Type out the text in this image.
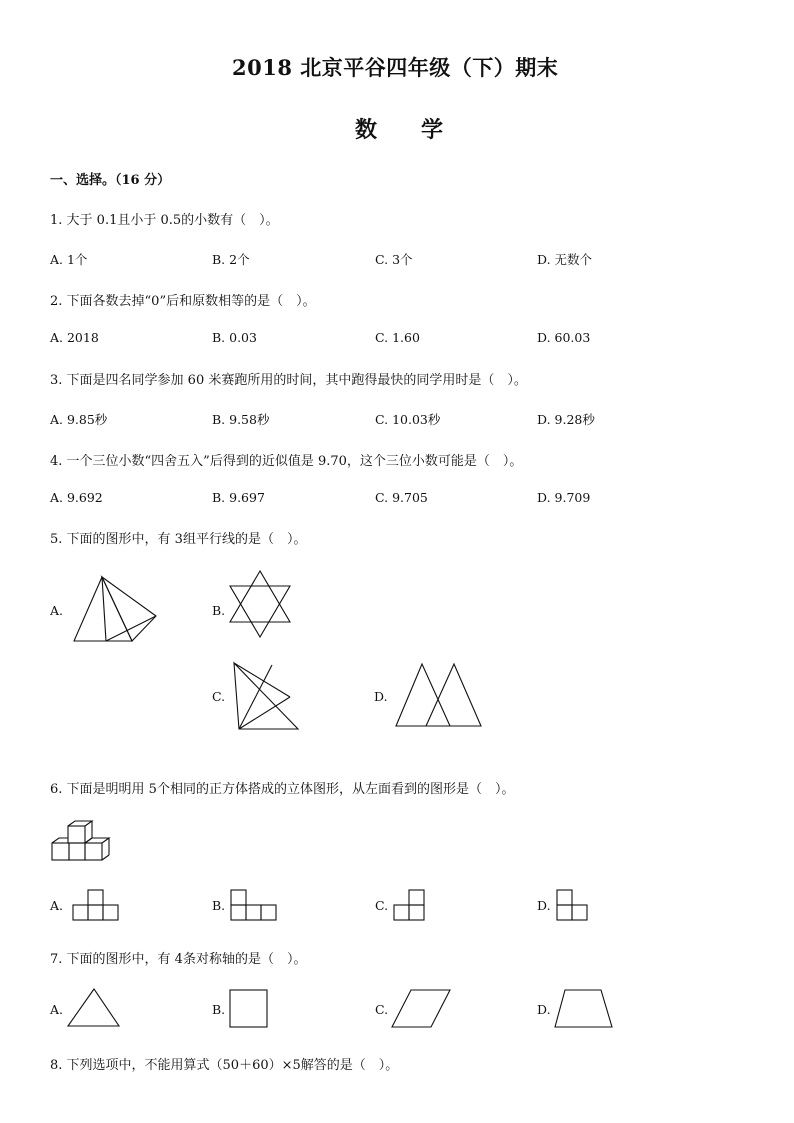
2018 北京平谷四年级（下）期末
数　　学
一、选择。（16 分）
1. 大于 0.1且小于 0.5的小数有（　）。
A. 1个	B. 2个	C. 3个	D. 无数个
2. 下面各数去掉“0”后和原数相等的是（　）。
A. 2018	B. 0.03	C. 1.60	D. 60.03
3. 下面是四名同学参加 60 米赛跑所用的时间，其中跑得最快的同学用时是（　）。
A. 9.85秒	B. 9.58秒	C. 10.03秒	D. 9.28秒
4. 一个三位小数“四舍五入”后得到的近似值是 9.70，这个三位小数可能是（　）。
A. 9.692	B. 9.697	C. 9.705	D. 9.709
5. 下面的图形中，有 3组平行线的是（　）。
A.	B.
C.	D.
6. 下面是明明用 5个相同的正方体搭成的立体图形，从左面看到的图形是（　）。
A.	B.	C.	D.
7. 下面的图形中，有 4条对称轴的是（　）。
A.	B.	C.	D.
8. 下列选项中，不能用算式（50＋60）×5解答的是（　）。
